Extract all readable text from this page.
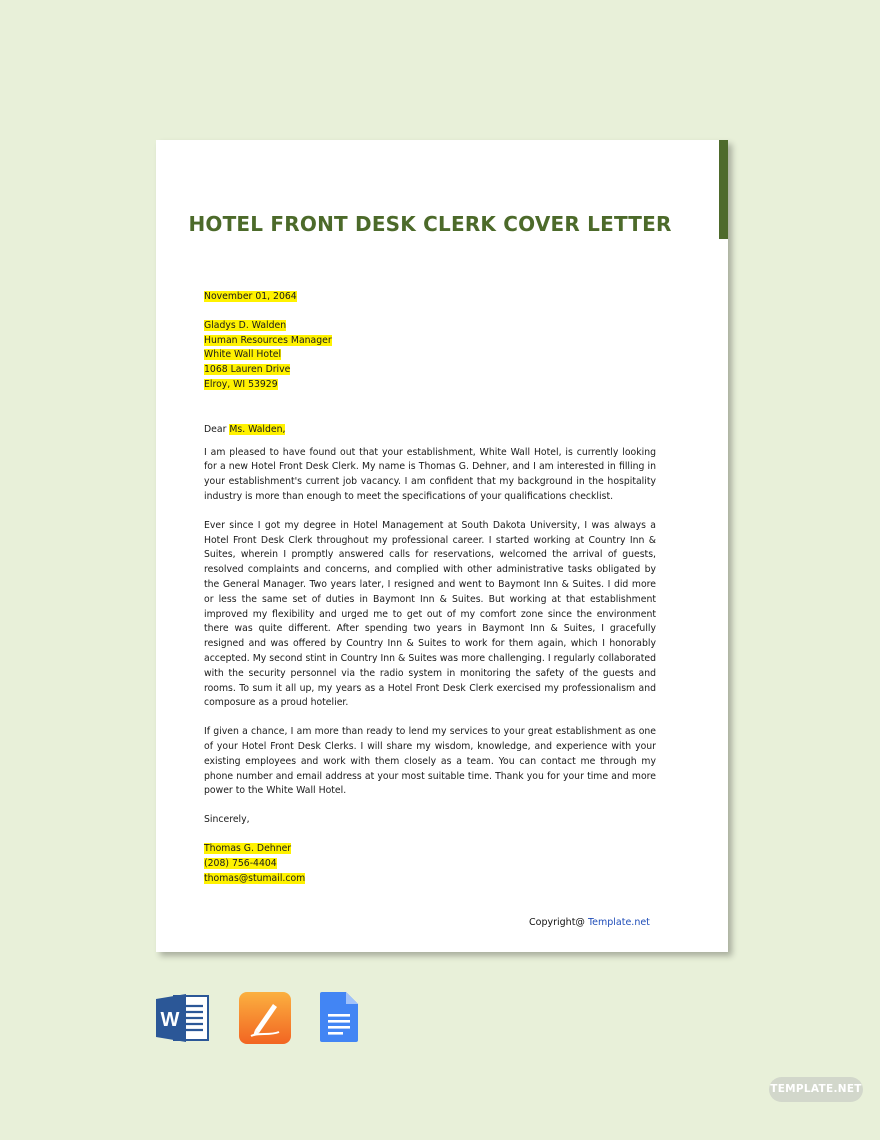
HOTEL FRONT DESK CLERK COVER LETTER
November 01, 2064
Gladys D. Walden
Human Resources Manager
White Wall Hotel
1068 Lauren Drive
Elroy, WI 53929
Dear Ms. Walden,

I am pleased to have found out that your establishment, White Wall Hotel, is currently looking for a new Hotel Front Desk Clerk. My name is Thomas G. Dehner, and I am interested in filling in your establishment's current job vacancy. I am confident that my background in the hospitality industry is more than enough to meet the specifications of your qualifications checklist.

Ever since I got my degree in Hotel Management at South Dakota University, I was always a Hotel Front Desk Clerk throughout my professional career. I started working at Country Inn & Suites, wherein I promptly answered calls for reservations, welcomed the arrival of guests, resolved complaints and concerns, and complied with other administrative tasks obligated by the General Manager. Two years later, I resigned and went to Baymont Inn & Suites. I did more or less the same set of duties in Baymont Inn & Suites. But working at that establishment improved my flexibility and urged me to get out of my comfort zone since the environment there was quite different. After spending two years in Baymont Inn & Suites, I gracefully resigned and was offered by Country Inn & Suites to work for them again, which I honorably accepted. My second stint in Country Inn & Suites was more challenging. I regularly collaborated with the security personnel via the radio system in monitoring the safety of the guests and rooms. To sum it all up, my years as a Hotel Front Desk Clerk exercised my professionalism and composure as a proud hotelier.

If given a chance, I am more than ready to lend my services to your great establishment as one of your Hotel Front Desk Clerks. I will share my wisdom, knowledge, and experience with your existing employees and work with them closely as a team. You can contact me through my phone number and email address at your most suitable time. Thank you for your time and more power to the White Wall Hotel.

Sincerely,
Thomas G. Dehner
(208) 756-4404
thomas@stumail.com
Copyright@ Template.net
W
TEMPLATE.NET
